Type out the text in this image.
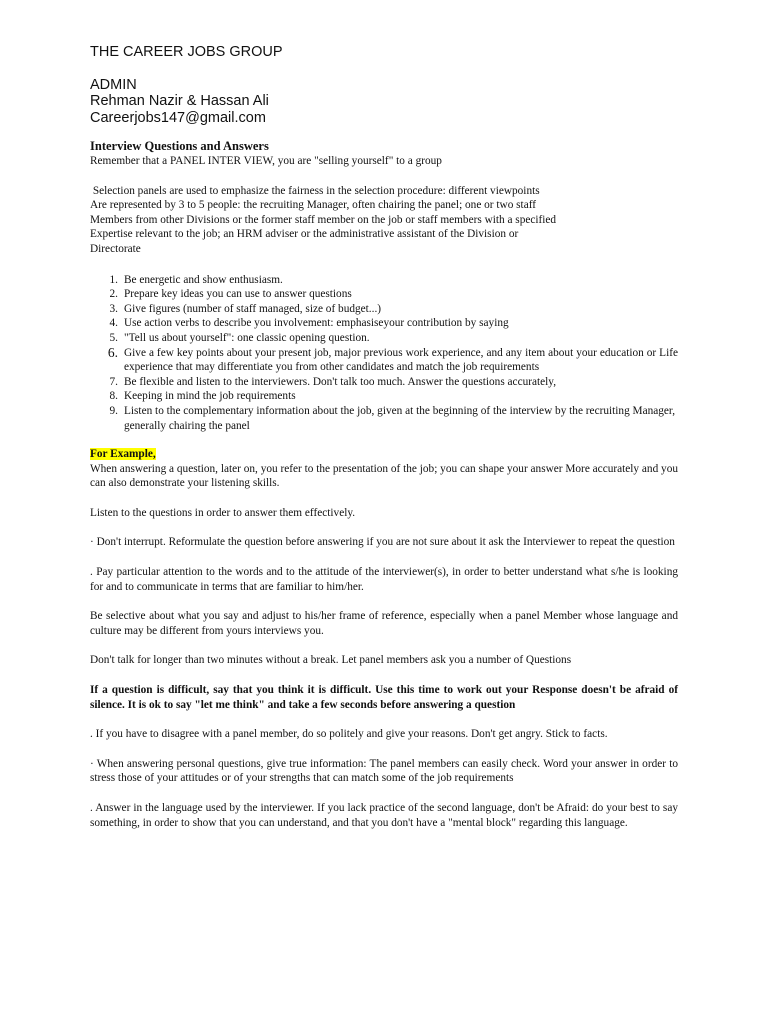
THE CAREER JOBS GROUP

ADMIN

Rehman Nazir & Hassan Ali

Careerjobs147@gmail.com

Interview Questions and Answers

Remember that a PANEL INTER VIEW, you are "selling yourself" to a group

Selection panels are used to emphasize the fairness in the selection procedure: different viewpoints

Are represented by 3 to 5 people: the recruiting Manager, often chairing the panel; one or two staff

Members from other Divisions or the former staff member on the job or staff members with a specified

Expertise relevant to the job; an HRM adviser or the administrative assistant of the Division or

Directorate

1. Be energetic and show enthusiasm.
2. Prepare key ideas you can use to answer questions
3. Give figures (number of staff managed, size of budget...)
4. Use action verbs to describe you involvement: emphasiseyour contribution by saying
5. "Tell us about yourself": one classic opening question.
6. Give a few key points about your present job, major previous work experience, and any item about your education or Life experience that may differentiate you from other candidates and match the job requirements
7. Be flexible and listen to the interviewers. Don't talk too much. Answer the questions accurately,
8. Keeping in mind the job requirements
9. Listen to the complementary information about the job, given at the beginning of the interview by the recruiting Manager, generally chairing the panel

For Example,

When answering a question, later on, you refer to the presentation of the job; you can shape your answer More accurately and you can also demonstrate your listening skills.

Listen to the questions in order to answer them effectively.

· Don't interrupt. Reformulate the question before answering if you are not sure about it ask the Interviewer to repeat the question

. Pay particular attention to the words and to the attitude of the interviewer(s), in order to better understand what s/he is looking for and to communicate in terms that are familiar to him/her.

Be selective about what you say and adjust to his/her frame of reference, especially when a panel Member whose language and culture may be different from yours interviews you.

Don't talk for longer than two minutes without a break. Let panel members ask you a number of Questions

If a question is difficult, say that you think it is difficult. Use this time to work out your Response doesn't be afraid of silence. It is ok to say "let me think" and take a few seconds before answering a question

. If you have to disagree with a panel member, do so politely and give your reasons. Don't get angry. Stick to facts.

· When answering personal questions, give true information: The panel members can easily check. Word your answer in order to stress those of your attitudes or of your strengths that can match some of the job requirements

. Answer in the language used by the interviewer. If you lack practice of the second language, don't be Afraid: do your best to say something, in order to show that you can understand, and that you don't have a "mental block" regarding this language.
